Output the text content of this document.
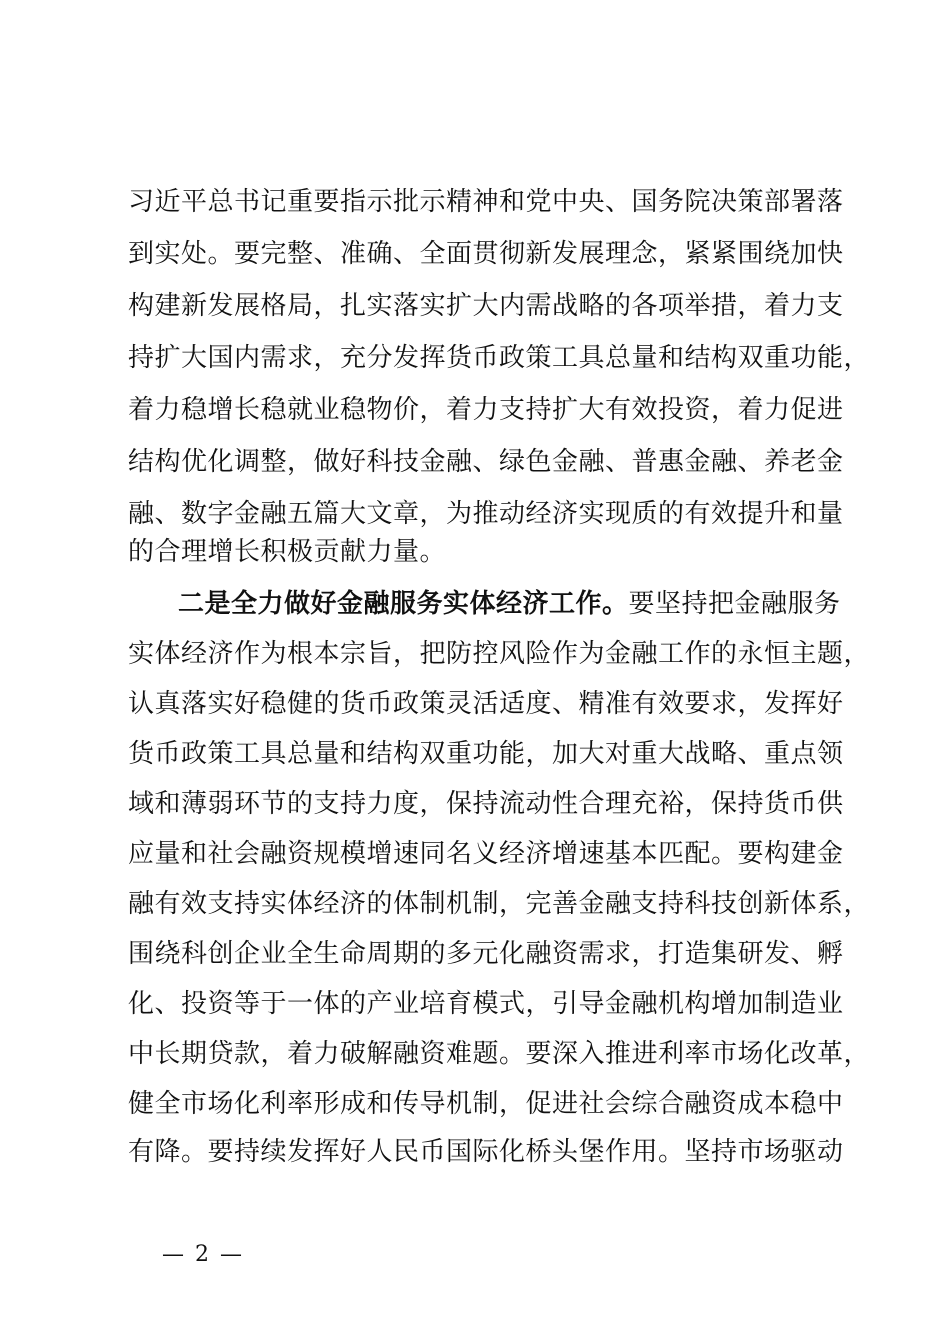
习近平总书记重要指示批示精神和党中央、国务院决策部署落
到实处。要完整、准确、全面贯彻新发展理念，紧紧围绕加快
构建新发展格局，扎实落实扩大内需战略的各项举措，着力支
持扩大国内需求，充分发挥货币政策工具总量和结构双重功能，
着力稳增长稳就业稳物价，着力支持扩大有效投资，着力促进
结构优化调整，做好科技金融、绿色金融、普惠金融、养老金
融、数字金融五篇大文章，为推动经济实现质的有效提升和量
的合理增长积极贡献力量。
二是全力做好金融服务实体经济工作。要坚持把金融服务
实体经济作为根本宗旨，把防控风险作为金融工作的永恒主题，
认真落实好稳健的货币政策灵活适度、精准有效要求，发挥好
货币政策工具总量和结构双重功能，加大对重大战略、重点领
域和薄弱环节的支持力度，保持流动性合理充裕，保持货币供
应量和社会融资规模增速同名义经济增速基本匹配。要构建金
融有效支持实体经济的体制机制，完善金融支持科技创新体系，
围绕科创企业全生命周期的多元化融资需求，打造集研发、孵
化、投资等于一体的产业培育模式，引导金融机构增加制造业
中长期贷款，着力破解融资难题。要深入推进利率市场化改革，
健全市场化利率形成和传导机制，促进社会综合融资成本稳中
有降。要持续发挥好人民币国际化桥头堡作用。坚持市场驱动
— 2 —
